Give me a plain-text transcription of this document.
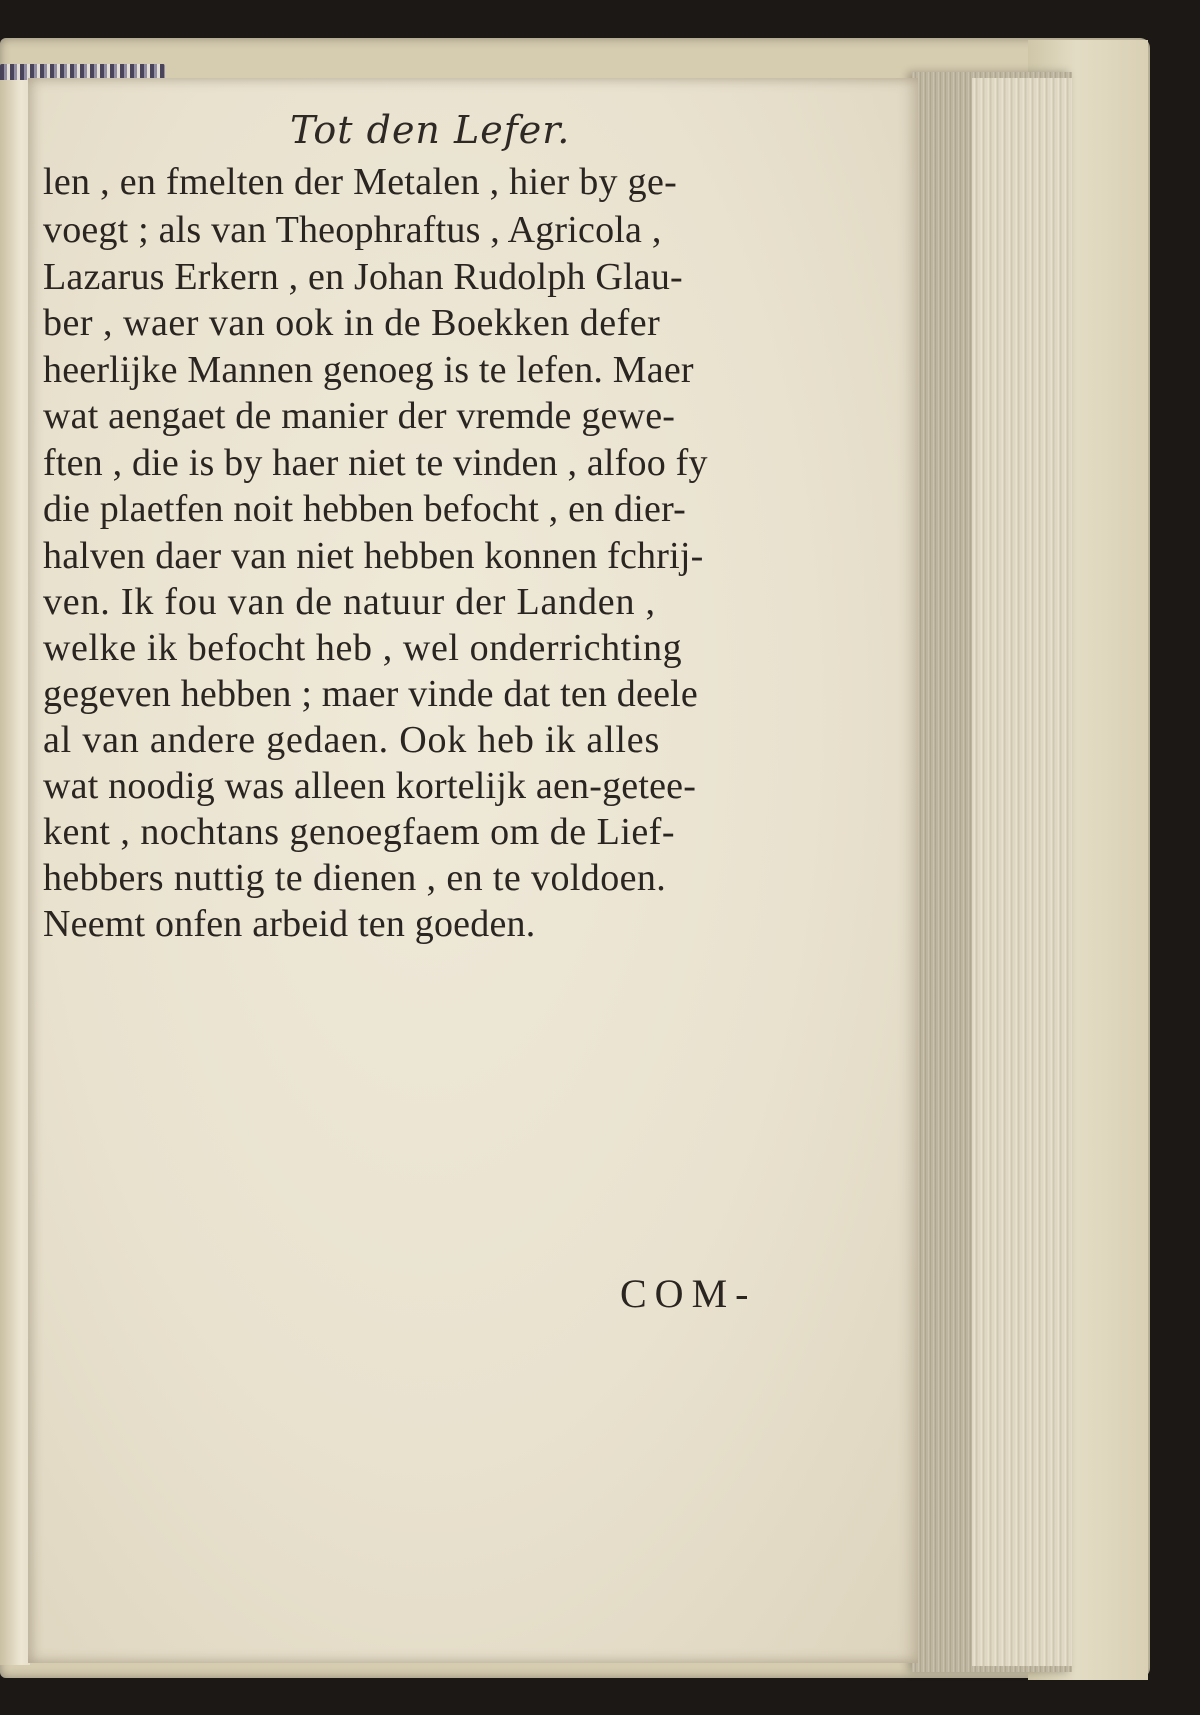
Tot den Lefer.
len , en fmelten der Metalen , hier by ge-
voegt ; als van Theophraftus , Agricola ,
Lazarus Erkern , en Johan Rudolph Glau-
ber , waer van ook in de Boekken defer
heerlijke Mannen genoeg is te lefen. Maer
wat aengaet de manier der vremde gewe-
ften , die is by haer niet te vinden , alfoo fy
die plaetfen noit hebben befocht , en dier-
halven daer van niet hebben konnen fchrij-
ven. Ik fou van de natuur der Landen ,
welke ik befocht heb , wel onderrichting
gegeven hebben ; maer vinde dat ten deele
al van andere gedaen. Ook heb ik alles
wat noodig was alleen kortelijk aen-getee-
kent , nochtans genoegfaem om de Lief-
hebbers nuttig te dienen , en te voldoen.
Neemt onfen arbeid ten goeden.
COM-
